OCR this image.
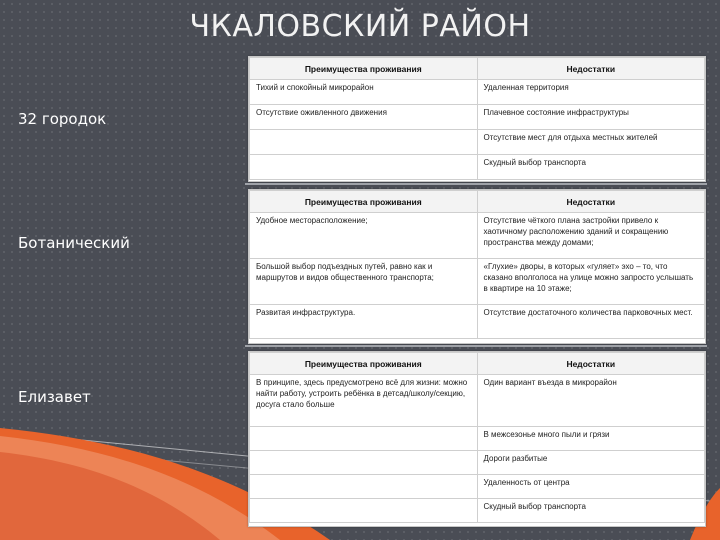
ЧКАЛОВСКИЙ РАЙОН
32 городок
Ботанический
Елизавет
Преимущества проживания	Недостатки
Тихий и спокойный микрорайон	Удаленная территория
Отсутствие оживленного движения	Плачевное состояние инфраструктуры
	Отсутствие мест для отдыха местных жителей
	Скудный выбор транспорта
Преимущества проживания	Недостатки
Удобное месторасположение;	Отсутствие чёткого плана застройки привело к хаотичному расположению зданий и сокращению пространства между домами;
Большой выбор подъездных путей, равно как и маршрутов и видов общественного транспорта;	«Глухие» дворы, в которых «гуляет» эхо – то, что сказано вполголоса на улице можно запросто услышать в квартире на 10 этаже;
Развитая инфраструктура.	Отсутствие достаточного количества парковочных мест.
Преимущества проживания	Недостатки
В принципе, здесь предусмотрено всё для жизни: можно найти работу, устроить ребёнка в детсад/школу/секцию, досуга стало больше	Один вариант въезда в микрорайон
	В межсезонье много пыли и грязи
	Дороги разбитые
	Удаленность от центра
	Скудный выбор транспорта
